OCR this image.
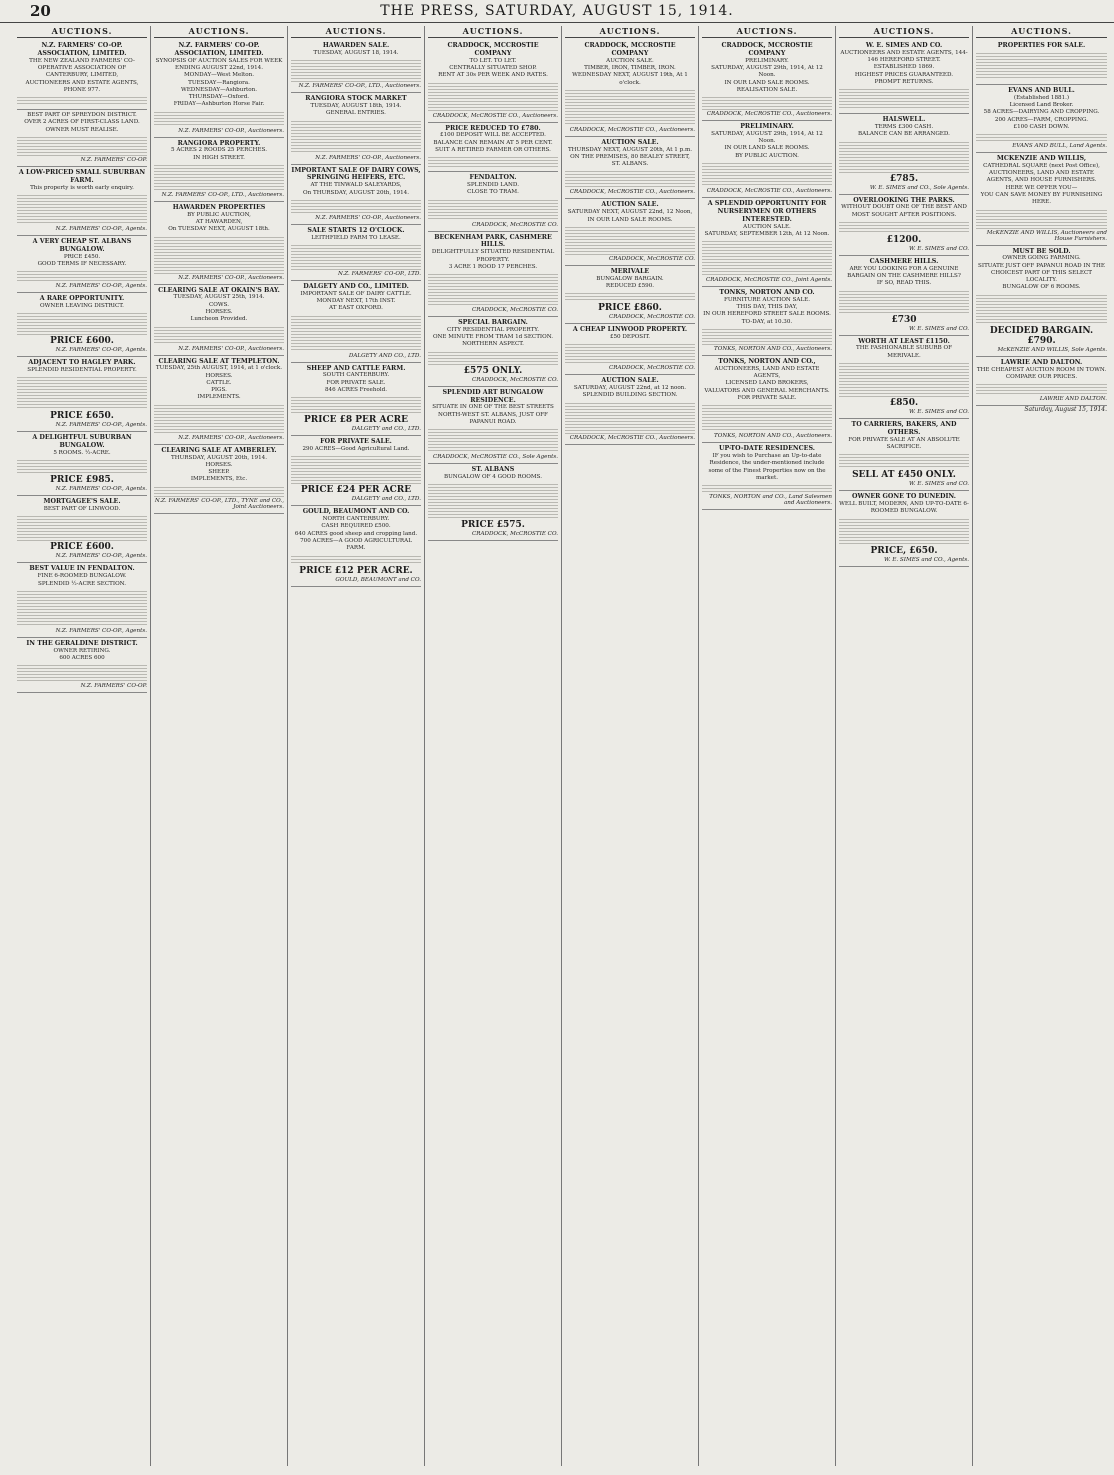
20	THE PRESS, SATURDAY, AUGUST 15, 1914.
AUCTIONS.
N.Z. FARMERS' CO-OP. ASSOCIATION, LIMITED.
THE NEW ZEALAND FARMERS' CO-OPERATIVE ASSOCIATION OF CANTERBURY, LIMITED,
AUCTIONEERS AND ESTATE AGENTS,
PHONE 977.
BEST PART OF SPREYDON DISTRICT.
OVER 2 ACRES OF FIRST-CLASS LAND.
OWNER MUST REALISE.
N.Z. FARMERS' CO-OP.
A LOW-PRICED SMALL SUBURBAN FARM.
This property is worth early enquiry.
N.Z. FARMERS' CO-OP., Agents.
A VERY CHEAP ST. ALBANS BUNGALOW.
PRICE £450.
GOOD TERMS IF NECESSARY.
N.Z. FARMERS' CO-OP., Agents.
A RARE OPPORTUNITY.
OWNER LEAVING DISTRICT.
PRICE £600.
N.Z. FARMERS' CO-OP., Agents.
ADJACENT TO HAGLEY PARK.
SPLENDID RESIDENTIAL PROPERTY.
PRICE £650.
N.Z. FARMERS' CO-OP., Agents.
A DELIGHTFUL SUBURBAN BUNGALOW.
5 ROOMS. ½-ACRE.
PRICE £985.
N.Z. FARMERS' CO-OP., Agents.
MORTGAGEE'S SALE.
BEST PART OF LINWOOD.
PRICE £600.
N.Z. FARMERS' CO-OP., Agents.
BEST VALUE IN FENDALTON.
FINE 6-ROOMED BUNGALOW.
SPLENDID ½-ACRE SECTION.
N.Z. FARMERS' CO-OP., Agents.
IN THE GERALDINE DISTRICT.
OWNER RETIRING.
600 ACRES 600
N.Z. FARMERS' CO-OP.
AUCTIONS.
N.Z. FARMERS' CO-OP. ASSOCIATION, LIMITED.
SYNOPSIS OF AUCTION SALES FOR WEEK ENDING AUGUST 22nd, 1914.
MONDAY—West Melton.
TUESDAY—Rangiora.
WEDNESDAY—Ashburton.
THURSDAY—Oxford.
FRIDAY—Ashburton Horse Fair.
N.Z. FARMERS' CO-OP., Auctioneers.
RANGIORA PROPERTY.
5 ACRES 2 ROODS 25 PERCHES.
IN HIGH STREET.
N.Z. FARMERS' CO-OP., LTD., Auctioneers.
HAWARDEN PROPERTIES
BY PUBLIC AUCTION,
AT HAWARDEN,
On TUESDAY NEXT, AUGUST 18th.
N.Z. FARMERS' CO-OP., Auctioneers.
CLEARING SALE AT OKAIN'S BAY.
TUESDAY, AUGUST 25th, 1914.
COWS.
HORSES.
Luncheon Provided.
N.Z. FARMERS' CO-OP., Auctioneers.
CLEARING SALE AT TEMPLETON.
TUESDAY, 25th AUGUST, 1914, at 1 o'clock.
HORSES.
CATTLE.
PIGS.
IMPLEMENTS.
N.Z. FARMERS' CO-OP., Auctioneers.
CLEARING SALE AT AMBERLEY.
THURSDAY, AUGUST 20th, 1914.
HORSES.
SHEEP.
IMPLEMENTS, Etc.
N.Z. FARMERS' CO-OP., LTD., TYNE and CO., Joint Auctioneers.
AUCTIONS.
HAWARDEN SALE.
TUESDAY, AUGUST 18, 1914.
N.Z. FARMERS' CO-OP., LTD., Auctioneers.
RANGIORA STOCK MARKET
TUESDAY, AUGUST 18th, 1914.
GENERAL ENTRIES.
N.Z. FARMERS' CO-OP., Auctioneers.
IMPORTANT SALE OF DAIRY COWS, SPRINGING HEIFERS, ETC.
AT THE TINWALD SALEYARDS,
On THURSDAY, AUGUST 20th, 1914.
N.Z. FARMERS' CO-OP., Auctioneers.
SALE STARTS 12 O'CLOCK.
LEITHFIELD FARM TO LEASE.
N.Z. FARMERS' CO-OP., LTD.
DALGETY AND CO., LIMITED.
IMPORTANT SALE OF DAIRY CATTLE.
MONDAY NEXT, 17th INST.
AT EAST OXFORD.
DALGETY AND CO., LTD.
SHEEP AND CATTLE FARM.
SOUTH CANTERBURY.
FOR PRIVATE SALE.
846 ACRES Freehold.
PRICE £8 PER ACRE
DALGETY and CO., LTD.
FOR PRIVATE SALE.
290 ACRES—Good Agricultural Land.
PRICE £24 PER ACRE
DALGETY and CO., LTD.
GOULD, BEAUMONT AND CO.
NORTH CANTERBURY.
CASH REQUIRED £500.
640 ACRES good sheep and cropping land.
700 ACRES—A GOOD AGRICULTURAL FARM.
PRICE £12 PER ACRE.
GOULD, BEAUMONT and CO.
AUCTIONS.
CRADDOCK, MCCROSTIE COMPANY
TO LET. TO LET.
CENTRALLY SITUATED SHOP.
RENT AT 30s PER WEEK AND RATES.
CRADDOCK, McCROSTIE CO., Auctioneers.
PRICE REDUCED TO £780.
£100 DEPOSIT WILL BE ACCEPTED.
BALANCE CAN REMAIN AT 5 PER CENT.
SUIT A RETIRED FARMER OR OTHERS.
FENDALTON.
SPLENDID LAND.
CLOSE TO TRAM.
CRADDOCK, McCROSTIE CO.
BECKENHAM PARK, CASHMERE HILLS.
DELIGHTFULLY SITUATED RESIDENTIAL PROPERTY.
3 ACRE 1 ROOD 17 PERCHES.
CRADDOCK, McCROSTIE CO.
SPECIAL BARGAIN.
CITY RESIDENTIAL PROPERTY.
ONE MINUTE FROM TRAM 1d SECTION.
NORTHERN ASPECT.
£575 ONLY.
CRADDOCK, McCROSTIE CO.
SPLENDID ART BUNGALOW RESIDENCE.
SITUATE IN ONE OF THE BEST STREETS NORTH-WEST ST. ALBANS, JUST OFF PAPANUI ROAD.
CRADDOCK, McCROSTIE CO., Sole Agents.
ST. ALBANS
BUNGALOW OF 4 GOOD ROOMS.
PRICE £575.
CRADDOCK, McCROSTIE CO.
AUCTIONS.
CRADDOCK, MCCROSTIE COMPANY
AUCTION SALE.
TIMBER, IRON, TIMBER, IRON.
WEDNESDAY NEXT, AUGUST 19th, At 1 o'clock.
CRADDOCK, McCROSTIE CO., Auctioneers.
AUCTION SALE.
THURSDAY NEXT, AUGUST 20th, At 1 p.m.
ON THE PREMISES, 80 BEALEY STREET, ST. ALBANS.
CRADDOCK, McCROSTIE CO., Auctioneers.
AUCTION SALE.
SATURDAY NEXT, AUGUST 22nd, 12 Noon, IN OUR LAND SALE ROOMS.
CRADDOCK, McCROSTIE CO.
MERIVALE
BUNGALOW BARGAIN.
REDUCED £590.
PRICE £860.
CRADDOCK, McCROSTIE CO.
A CHEAP LINWOOD PROPERTY.
£50 DEPOSIT.
CRADDOCK, McCROSTIE CO.
AUCTION SALE.
SATURDAY, AUGUST 22nd, at 12 noon.
SPLENDID BUILDING SECTION.
CRADDOCK, McCROSTIE CO., Auctioneers.
AUCTIONS.
CRADDOCK, MCCROSTIE COMPANY
PRELIMINARY.
SATURDAY, AUGUST 29th, 1914, At 12 Noon.
IN OUR LAND SALE ROOMS.
REALISATION SALE.
CRADDOCK, McCROSTIE CO., Auctioneers.
PRELIMINARY.
SATURDAY, AUGUST 29th, 1914, At 12 Noon.
IN OUR LAND SALE ROOMS.
BY PUBLIC AUCTION.
CRADDOCK, McCROSTIE CO., Auctioneers.
A SPLENDID OPPORTUNITY FOR NURSERYMEN OR OTHERS INTERESTED.
AUCTION SALE.
SATURDAY, SEPTEMBER 12th, At 12 Noon.
CRADDOCK, McCROSTIE CO., Joint Agents.
TONKS, NORTON AND CO.
FURNITURE AUCTION SALE.
THIS DAY, THIS DAY,
IN OUR HEREFORD STREET SALE ROOMS.
TO-DAY, at 10.30.
TONKS, NORTON AND CO., Auctioneers.
TONKS, NORTON AND CO.,
AUCTIONEERS, LAND AND ESTATE AGENTS,
LICENSED LAND BROKERS,
VALUATORS AND GENERAL MERCHANTS.
FOR PRIVATE SALE.
TONKS, NORTON AND CO., Auctioneers.
UP-TO-DATE RESIDENCES.
IF you wish to Purchase an Up-to-date Residence, the under-mentioned include some of the Finest Properties now on the market.
TONKS, NORTON and CO., Land Salesmen and Auctioneers.
AUCTIONS.
W. E. SIMES AND CO.
AUCTIONEERS AND ESTATE AGENTS, 144-146 HEREFORD STREET.
ESTABLISHED 1869.
HIGHEST PRICES GUARANTEED.
PROMPT RETURNS.
HALSWELL.
TERMS £300 CASH.
BALANCE CAN BE ARRANGED.
£785.
W. E. SIMES and CO., Sole Agents.
OVERLOOKING THE PARKS.
WITHOUT DOUBT ONE OF THE BEST AND MOST SOUGHT AFTER POSITIONS.
£1200.
W. E. SIMES and CO.
CASHMERE HILLS.
ARE YOU LOOKING FOR A GENUINE BARGAIN ON THE CASHMERE HILLS?
IF SO, READ THIS.
£730
W. E. SIMES and CO.
WORTH AT LEAST £1150.
THE FASHIONABLE SUBURB OF MERIVALE.
£850.
W. E. SIMES and CO.
TO CARRIERS, BAKERS, AND OTHERS.
FOR PRIVATE SALE AT AN ABSOLUTE SACRIFICE.
SELL AT £450 ONLY.
W. E. SIMES and CO.
OWNER GONE TO DUNEDIN.
WELL BUILT, MODERN, AND UP-TO-DATE 6-ROOMED BUNGALOW.
PRICE, £650.
W. E. SIMES and CO., Agents.
AUCTIONS.
PROPERTIES FOR SALE.
EVANS AND BULL.
(Established 1881.)
Licensed Land Broker.
58 ACRES—DAIRYING AND CROPPING.
200 ACRES—FARM, CROPPING.
£100 CASH DOWN.
EVANS AND BULL, Land Agents.
MCKENZIE AND WILLIS,
CATHEDRAL SQUARE (next Post Office),
AUCTIONEERS, LAND AND ESTATE AGENTS, AND HOUSE FURNISHERS.
HERE WE OFFER YOU—
YOU CAN SAVE MONEY BY FURNISHING HERE.
McKENZIE AND WILLIS, Auctioneers and House Furnishers.
MUST BE SOLD.
OWNER GOING FARMING.
SITUATE JUST OFF PAPANUI ROAD IN THE CHOICEST PART OF THIS SELECT LOCALITY.
BUNGALOW OF 6 ROOMS.
DECIDED BARGAIN. £790.
McKENZIE AND WILLIS, Sole Agents.
LAWRIE AND DALTON.
THE CHEAPEST AUCTION ROOM IN TOWN.
COMPARE OUR PRICES.
LAWRIE AND DALTON.
Saturday, August 15, 1914.
